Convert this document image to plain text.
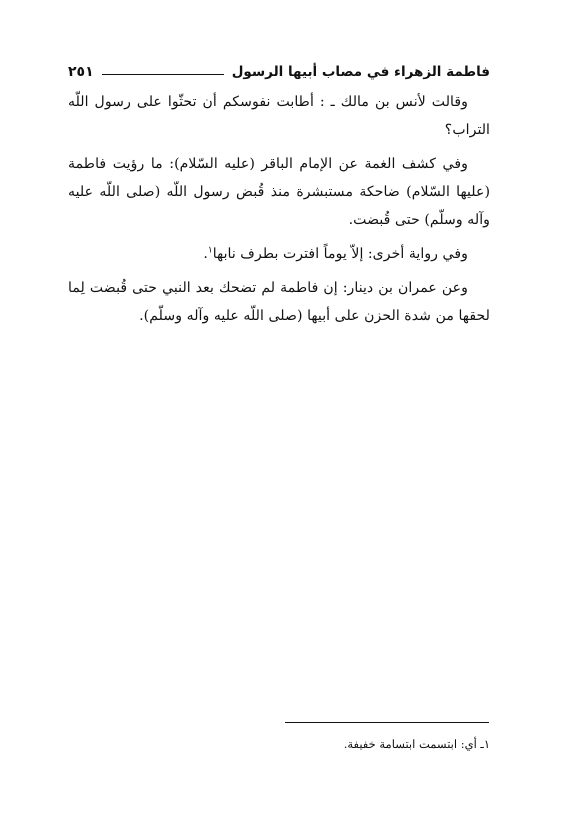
فاطمة الزهراء في مصاب أبيها الرسول
٢٥١

وقالت لأنس بن مالك ـ : أطابت نفوسكم أن تحثّوا على رسول اللّه التراب؟

وفي كشف الغمة عن الإمام الباقر (عليه السّلام): ما رؤيت فاطمة (عليها السّلام) ضاحكة مستبشرة منذ قُبض رسول اللّه (صلى اللّه عليه وآله وسلّم) حتى قُبضت.

وفي رواية أخرى: إلاّ يوماً افترت بطرف نابها$^١$.

وعن عمران بن دينار: إن فاطمة لم تضحك بعد النبي حتى قُبضت لِما لحقها من شدة الحزن على أبيها (صلى اللّه عليه وآله وسلّم).

١ـ أي: ابتسمت ابتسامة خفيفة.
